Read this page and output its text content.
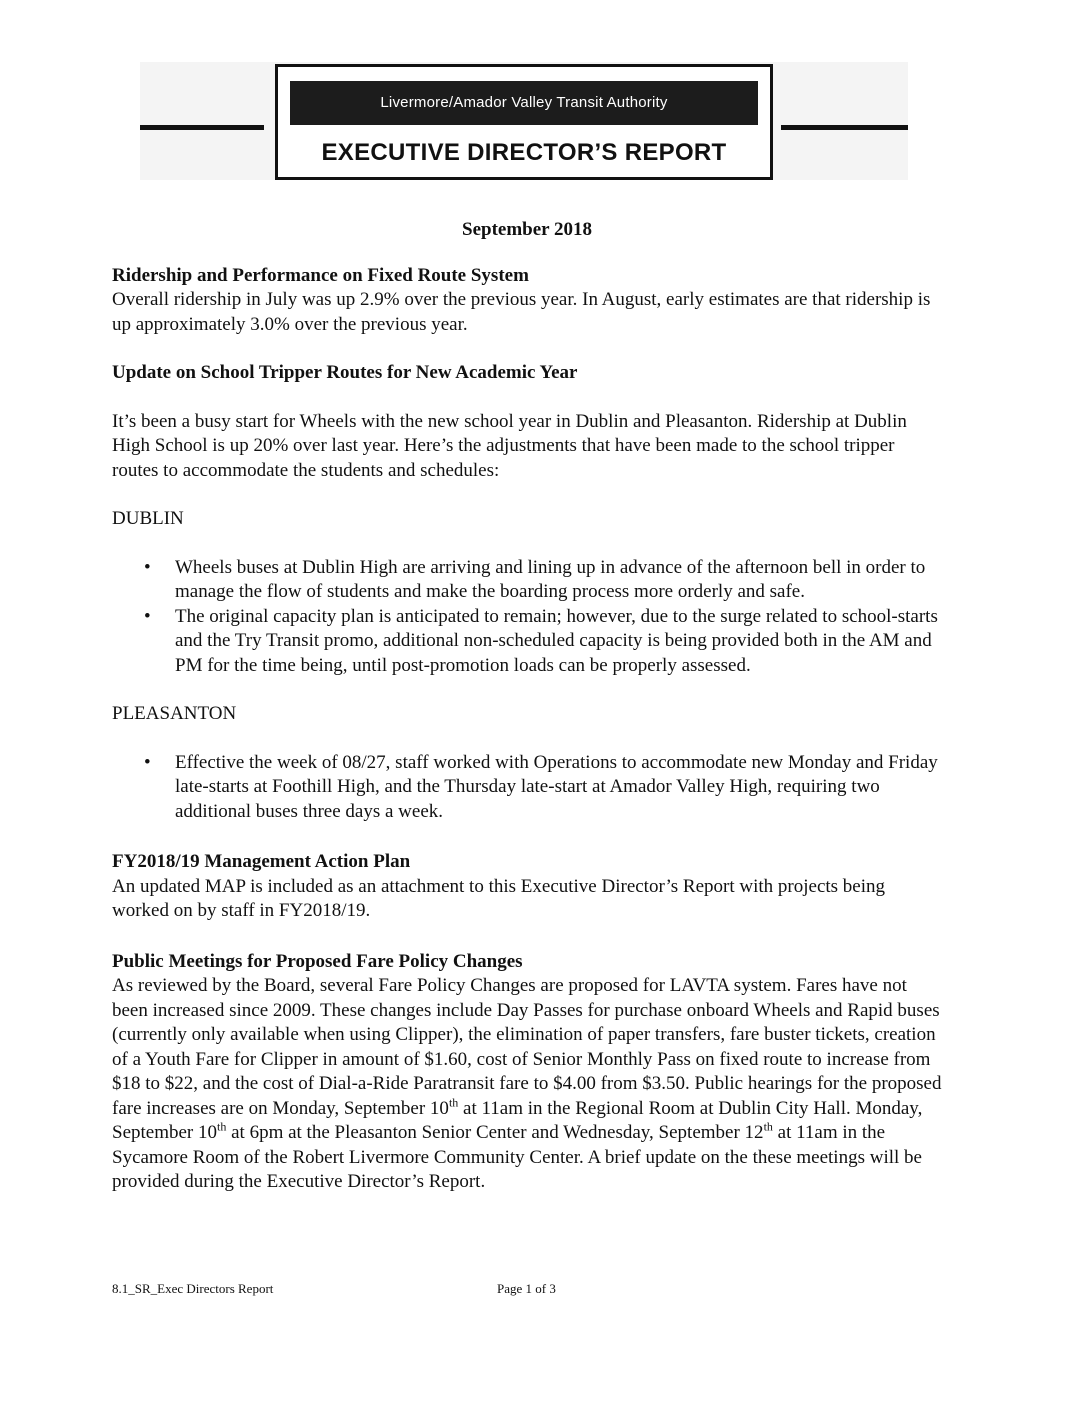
Livermore/Amador Valley Transit Authority
EXECUTIVE DIRECTOR’S REPORT

September 2018

Ridership and Performance on Fixed Route System

Overall ridership in July was up 2.9% over the previous year. In August, early estimates are that ridership is up approximately 3.0% over the previous year.

Update on School Tripper Routes for New Academic Year

It’s been a busy start for Wheels with the new school year in Dublin and Pleasanton. Ridership at Dublin High School is up 20% over last year. Here’s the adjustments that have been made to the school tripper routes to accommodate the students and schedules:

DUBLIN

• Wheels buses at Dublin High are arriving and lining up in advance of the afternoon bell in order to manage the flow of students and make the boarding process more orderly and safe.
• The original capacity plan is anticipated to remain; however, due to the surge related to school-starts and the Try Transit promo, additional non-scheduled capacity is being provided both in the AM and PM for the time being, until post-promotion loads can be properly assessed.

PLEASANTON

• Effective the week of 08/27, staff worked with Operations to accommodate new Monday and Friday late-starts at Foothill High, and the Thursday late-start at Amador Valley High, requiring two additional buses three days a week.
FY2018/19 Management Action Plan

An updated MAP is included as an attachment to this Executive Director’s Report with projects being worked on by staff in FY2018/19.

Public Meetings for Proposed Fare Policy Changes

As reviewed by the Board, several Fare Policy Changes are proposed for LAVTA system. Fares have not been increased since 2009. These changes include Day Passes for purchase onboard Wheels and Rapid buses (currently only available when using Clipper), the elimination of paper transfers, fare buster tickets, creation of a Youth Fare for Clipper in amount of $1.60, cost of Senior Monthly Pass on fixed route to increase from $18 to $22, and the cost of Dial-a-Ride Paratransit fare to $4.00 from $3.50. Public hearings for the proposed fare increases are on Monday, September 10th at 11am in the Regional Room at Dublin City Hall. Monday, September 10th at 6pm at the Pleasanton Senior Center and Wednesday, September 12th at 11am in the Sycamore Room of the Robert Livermore Community Center. A brief update on the these meetings will be provided during the Executive Director’s Report.

8.1_SR_Exec Directors Report	Page 1 of 3
